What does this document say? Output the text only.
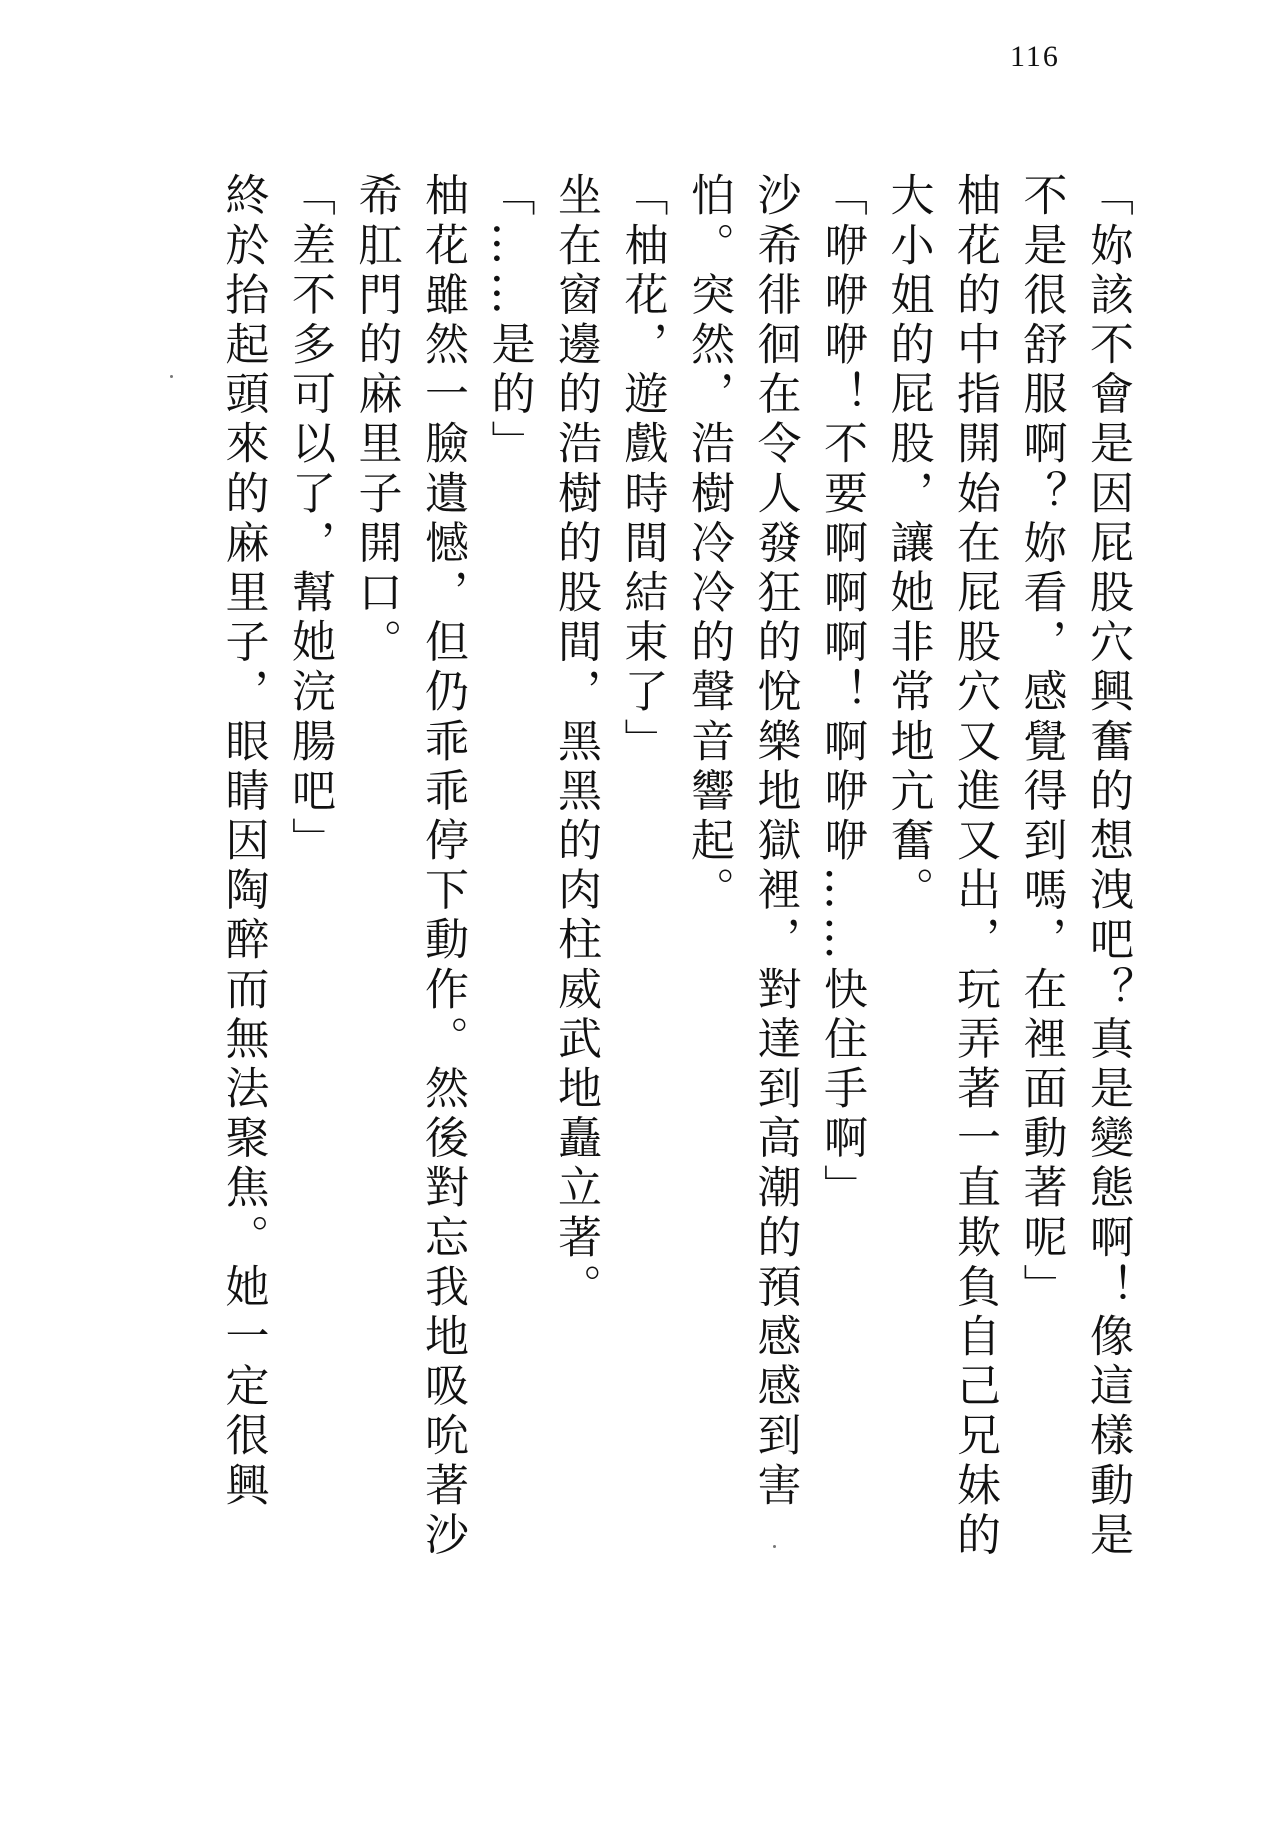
116
「妳該不會是因屁股穴興奮的想洩吧？真是變態啊！像這樣動是
不是很舒服啊？妳看，感覺得到嗎，在裡面動著呢」
柚花的中指開始在屁股穴又進又出，玩弄著一直欺負自己兄妹的
大小姐的屁股，讓她非常地亢奮。
「咿咿咿！不要啊啊啊！啊咿咿……快住手啊」
沙希徘徊在令人發狂的悅樂地獄裡，對達到高潮的預感感到害
怕。突然，浩樹冷冷的聲音響起。
「柚花，遊戲時間結束了」
坐在窗邊的浩樹的股間，黑黑的肉柱威武地矗立著。
「……是的」
柚花雖然一臉遺憾，但仍乖乖停下動作。然後對忘我地吸吮著沙
希肛門的麻里子開口。
「差不多可以了，幫她浣腸吧」
終於抬起頭來的麻里子，眼睛因陶醉而無法聚焦。她一定很興
